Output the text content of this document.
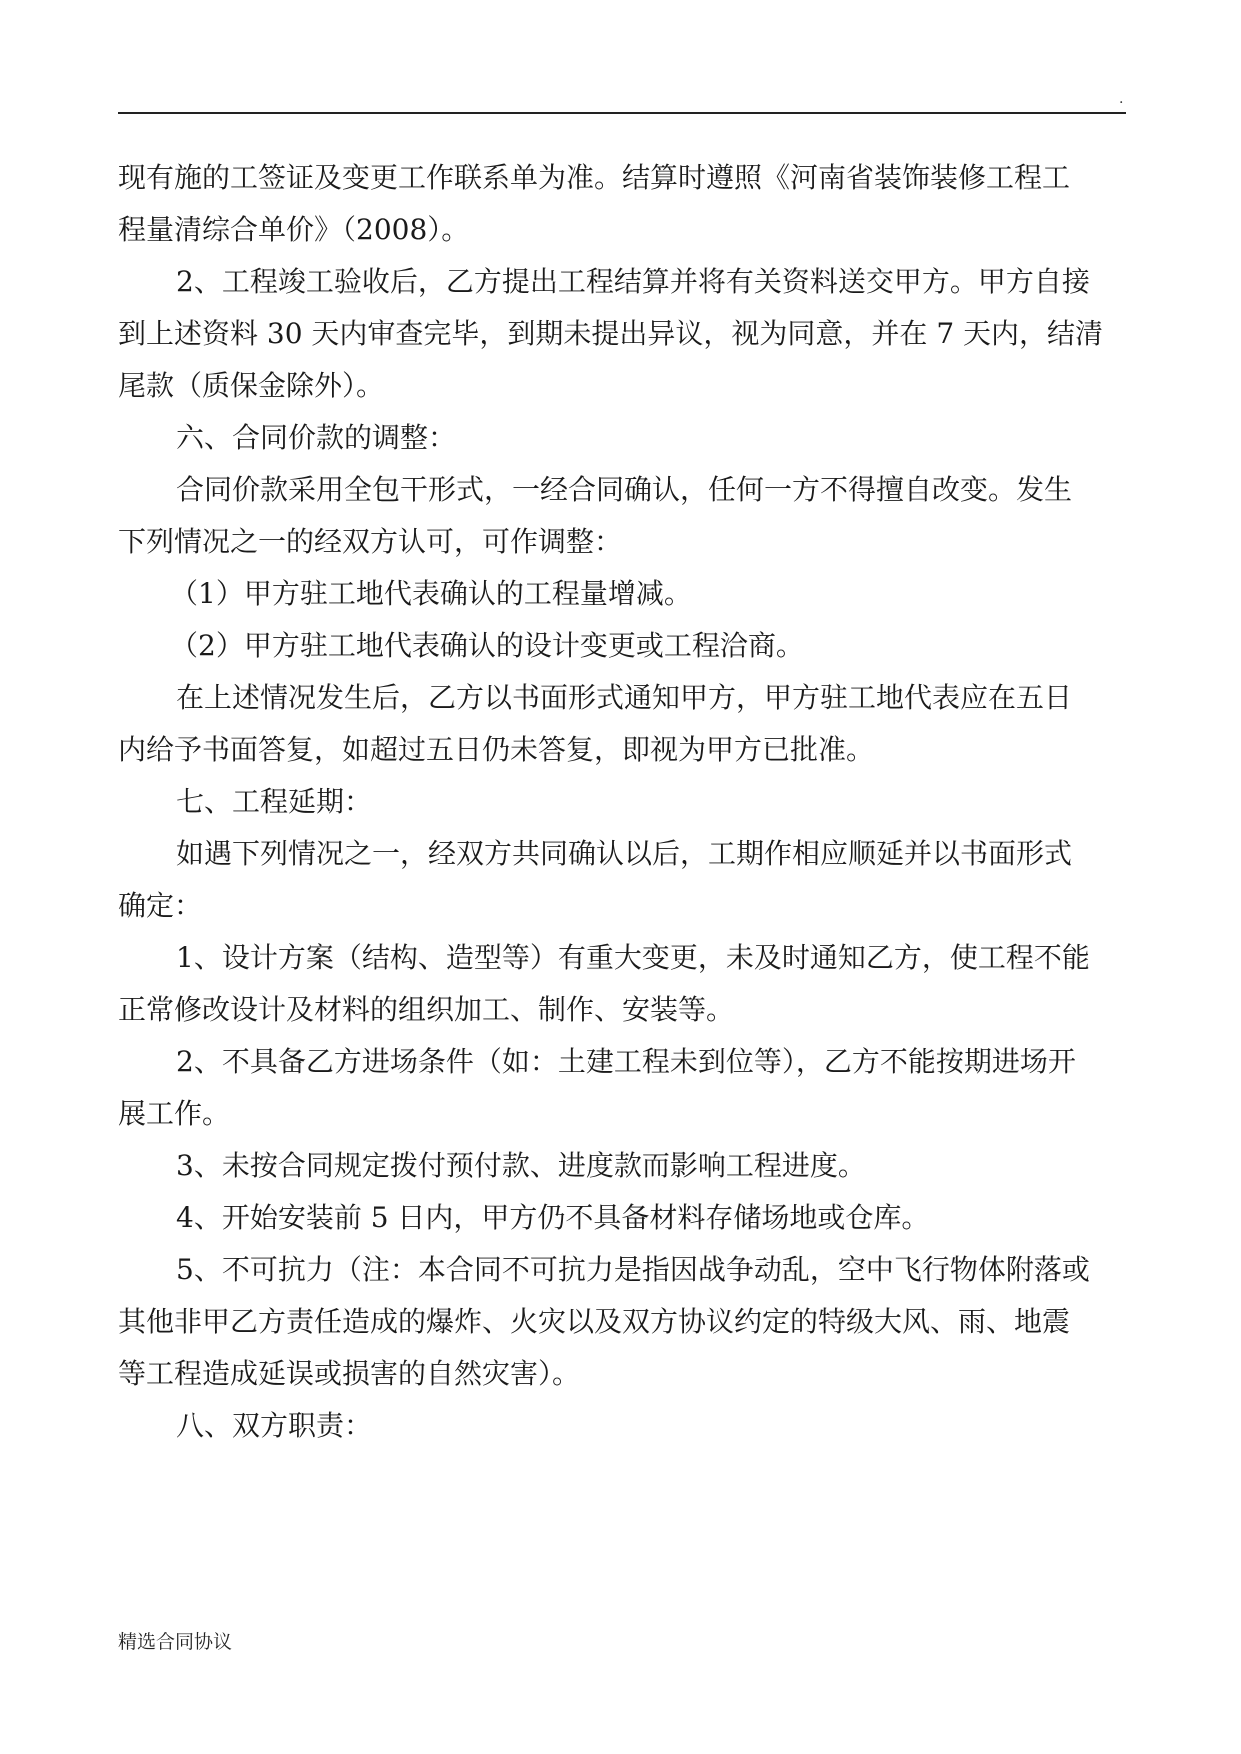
.
现有施的工签证及变更工作联系单为准。结算时遵照《河南省装饰装修工程工
程量清综合单价》（2008）。
2、工程竣工验收后，乙方提出工程结算并将有关资料送交甲方。甲方自接
到上述资料 30 天内审查完毕，到期未提出异议，视为同意，并在 7 天内，结清
尾款（质保金除外）。
六、合同价款的调整：
合同价款采用全包干形式，一经合同确认，任何一方不得擅自改变。发生
下列情况之一的经双方认可，可作调整：
（1）甲方驻工地代表确认的工程量增减。
（2）甲方驻工地代表确认的设计变更或工程洽商。
在上述情况发生后，乙方以书面形式通知甲方，甲方驻工地代表应在五日
内给予书面答复，如超过五日仍未答复，即视为甲方已批准。
七、工程延期：
如遇下列情况之一，经双方共同确认以后，工期作相应顺延并以书面形式
确定：
1、设计方案（结构、造型等）有重大变更，未及时通知乙方，使工程不能
正常修改设计及材料的组织加工、制作、安装等。
2、不具备乙方进场条件（如：土建工程未到位等），乙方不能按期进场开
展工作。
3、未按合同规定拨付预付款、进度款而影响工程进度。
4、开始安装前 5 日内，甲方仍不具备材料存储场地或仓库。
5、不可抗力（注：本合同不可抗力是指因战争动乱，空中飞行物体附落或
其他非甲乙方责任造成的爆炸、火灾以及双方协议约定的特级大风、雨、地震
等工程造成延误或损害的自然灾害）。
八、双方职责：
精选合同协议
